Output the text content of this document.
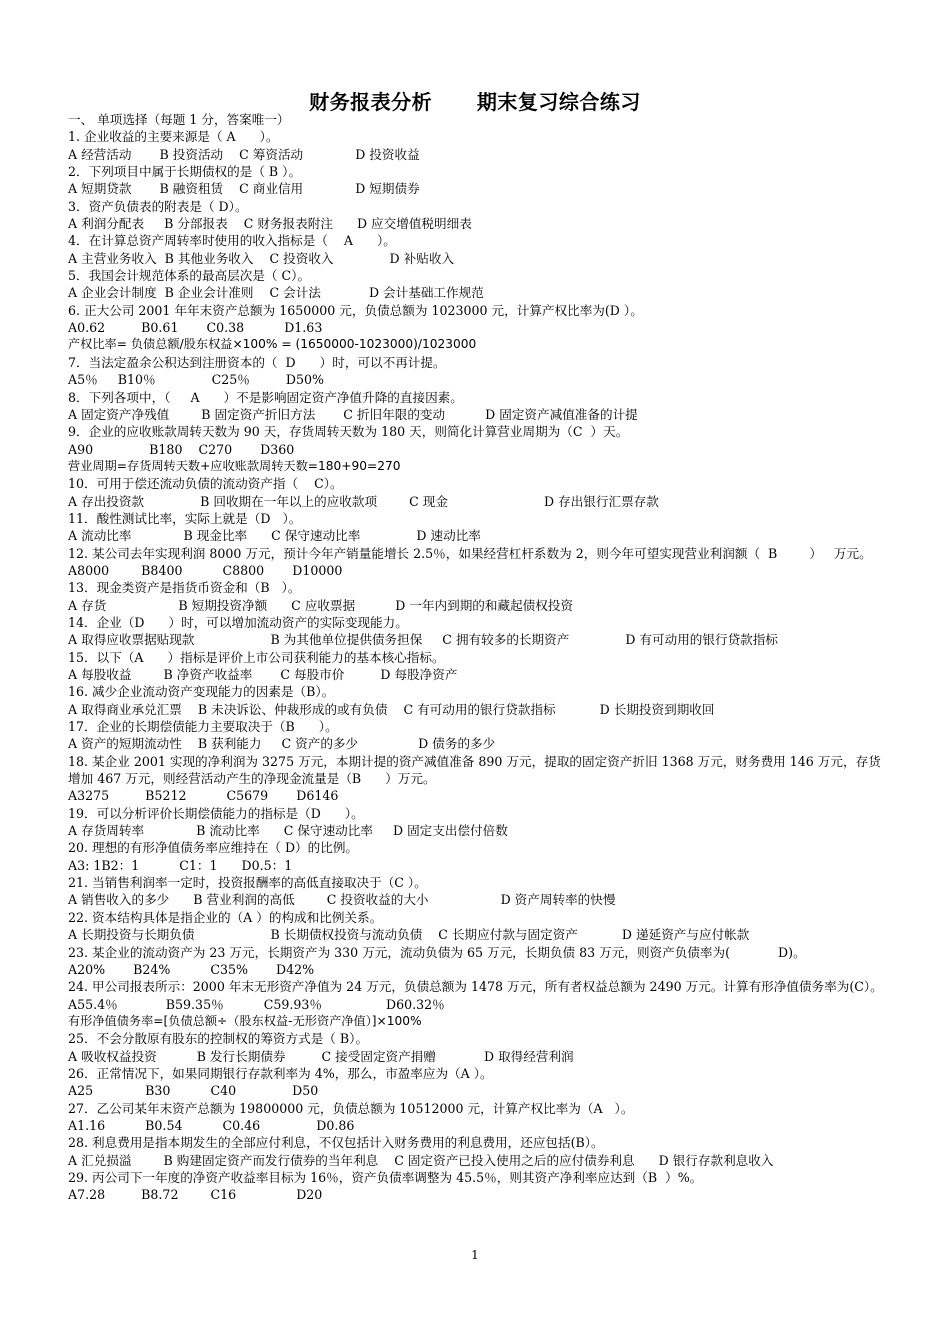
财务报表分析      期末复习综合练习
一、 单项选择（每题 1 分，答案唯一）
1. 企业收益的主要来源是（ A      ）。
A 经营活动       B 投资活动    C 筹资活动             D 投资收益
2．下列项目中属于长期债权的是（ B ）。
A 短期贷款       B 融资租赁    C 商业信用             D 短期债券
3．资产负债表的附表是（ D）。
A 利润分配表     B 分部报表    C 财务报表附注      D 应交增值税明细表
4．在计算总资产周转率时使用的收入指标是（    A      ）。
A 主营业务收入  B 其他业务收入    C 投资收入              D 补贴收入
5．我国会计规范体系的最高层次是（ C）。
A 企业会计制度  B 企业会计准则    C 会计法            D 会计基础工作规范
6. 正大公司 2001 年年末资产总额为 1650000 元，负债总额为 1023000 元，计算产权比率为(D ）。
A0.62         B0.61       C0.38          D1.63
产权比率= 负债总额/股东权益×100% = (1650000-1023000)/1023000
7．当法定盈余公积达到注册资本的（  D      ）时，可以不再计提。
A5％     B10％              C25％         D50%
8．下列各项中，（     A      ）不是影响固定资产净值升降的直接因素。
A 固定资产净残值        B 固定资产折旧方法       C 折旧年限的变动          D 固定资产减值准备的计提
9．企业的应收账款周转天数为 90 天，存货周转天数为 180 天，则简化计算营业周期为（C  ）天。
A90              B180    C270       D360
营业周期=存货周转天数+应收账款周转天数=180+90=270
10．可用于偿还流动负债的流动资产指（    C）。
A 存出投资款              B 回收期在一年以上的应收款项        C 现金                        D 存出银行汇票存款
11．酸性测试比率，实际上就是（D   ）。
A 流动比率             B 现金比率      C 保守速动比率              D 速动比率
12. 某公司去年实现利润 8000 万元，预计今年产销量能增长 2.5％，如果经营杠杆系数为 2，则今年可望实现营业利润额（  B        ）   万元。
A8000        B8400          C8800       D10000
13．现金类资产是指货币资金和（B   ）。
A 存货                  B 短期投资净额      C 应收票据          D 一年内到期的和藏起债权投资
14．企业（D      ）时，可以增加流动资产的实际变现能力。
A 取得应收票据贴现款                   B 为其他单位提供债务担保     C 拥有较多的长期资产              D 有可动用的银行贷款指标
15．以下（A      ）指标是评价上市公司获利能力的基本核心指标。
A 每股收益        B 净资产收益率       C 每股市价         D 每股净资产
16. 减少企业流动资产变现能力的因素是（B）。
A 取得商业承兑汇票    B 未决诉讼、仲裁形成的或有负债    C 有可动用的银行贷款指标           D 长期投资到期收回
17．企业的长期偿债能力主要取决于（B      ）。
A 资产的短期流动性    B 获利能力     C 资产的多少               D 债务的多少
18. 某企业 2001 实现的净利润为 3275 万元，本期计提的资产减值准备 890 万元，提取的固定资产折旧 1368 万元，财务费用 146 万元，存货增加 467 万元，则经营活动产生的净现金流量是（B      ）万元。
A3275         B5212          C5679       D6146
19．可以分析评价长期偿债能力的指标是（D      ）。
A 存货周转率             B 流动比率      C 保守速动比率     D 固定支出偿付倍数
20. 理想的有形净值债务率应维持在（ D）的比例。
A3: 1B2：1          C1：1      D0.5：1
21. 当销售利润率一定时，投资报酬率的高低直接取决于（C ）。
A 销售收入的多少      B 营业利润的高低        C 投资收益的大小                  D 资产周转率的快慢
22. 资本结构具体是指企业的（A ）的构成和比例关系。
A 长期投资与长期负债                   B 长期债权投资与流动负债    C 长期应付款与固定资产           D 递延资产与应付帐款
23. 某企业的流动资产为 23 万元，长期资产为 330 万元，流动负债为 65 万元，长期负债 83 万元，则资产负债率为(            D)。
A20%       B24%          C35%       D42%
24. 甲公司报表所示：2000 年末无形资产净值为 24 万元，负债总额为 1478 万元，所有者权益总额为 2490 万元。计算有形净值债务率为(C）。
A55.4％            B59.35％          C59.93％                D60.32％
有形净值债务率=[负债总额÷（股东权益-无形资产净值）]×100%
25．不会分散原有股东的控制权的筹资方式是（ B）。
A 吸收权益投资          B 发行长期债券         C 接受固定资产捐赠            D 取得经营利润
26．正常情况下，如果同期银行存款利率为 4%，那么，市盈率应为（A ）。
A25             B30          C40              D50
27．乙公司某年末资产总额为 19800000 元，负债总额为 10512000 元，计算产权比率为（A   ）。
A1.16          B0.54          C0.46              D0.86
28. 利息费用是指本期发生的全部应付利息，不仅包括计入财务费用的利息费用，还应包括(B）。
A 汇兑损溢        B 购建固定资产而发行债券的当年利息    C 固定资产已投入使用之后的应付债券利息      D 银行存款利息收入
29. 丙公司下一年度的净资产收益率目标为 16％，资产负债率调整为 45.5％，则其资产净利率应达到（B  ）%。
A7.28         B8.72        C16               D20
1
